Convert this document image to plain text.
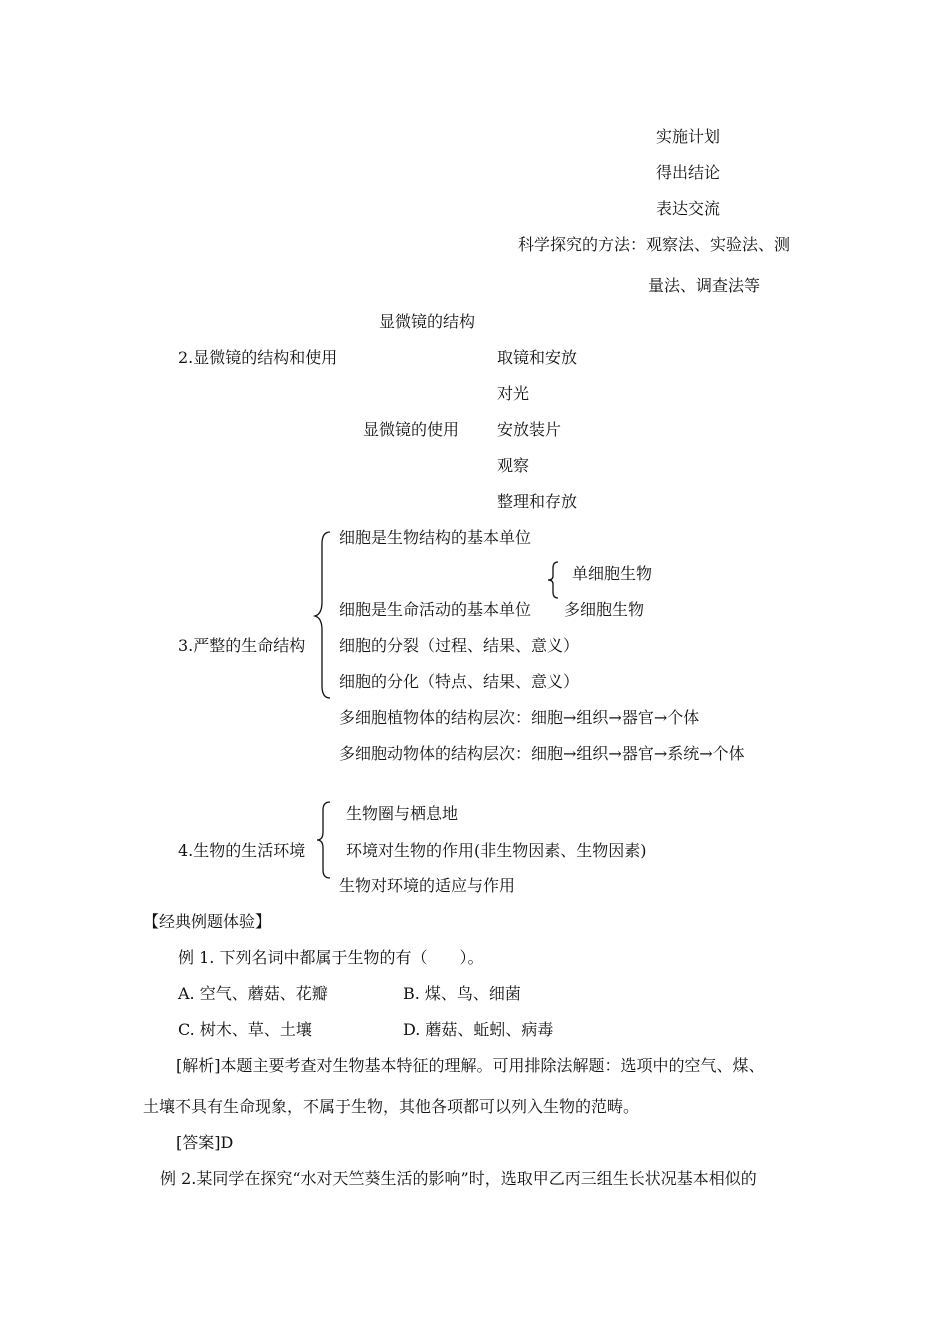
实施计划
得出结论
表达交流
科学探究的方法：观察法、实验法、测
量法、调查法等
显微镜的结构
2.显微镜的结构和使用	取镜和安放
对光
显微镜的使用 安放装片
观察
整理和存放
细胞是生物结构的基本单位
单细胞生物
细胞是生命活动的基本单位 多细胞生物
3.严整的生命结构 细胞的分裂（过程、结果、意义）
细胞的分化（特点、结果、意义）
多细胞植物体的结构层次：细胞→组织→器官→个体
多细胞动物体的结构层次：细胞→组织→器官→系统→个体
生物圈与栖息地
4.生物的生活环境	环境对生物的作用(非生物因素、生物因素)
生物对环境的适应与作用
【经典例题体验】
例 1. 下列名词中都属于生物的有（　　）。
A. 空气、蘑菇、花瓣	B. 煤、鸟、细菌
C. 树木、草、土壤	D. 蘑菇、蚯蚓、病毒
[解析]本题主要考查对生物基本特征的理解。可用排除法解题：选项中的空气、煤、
土壤不具有生命现象，不属于生物，其他各项都可以列入生物的范畴。
[答案]D
例 2.某同学在探究“水对天竺葵生活的影响”时，选取甲乙丙三组生长状况基本相似的
